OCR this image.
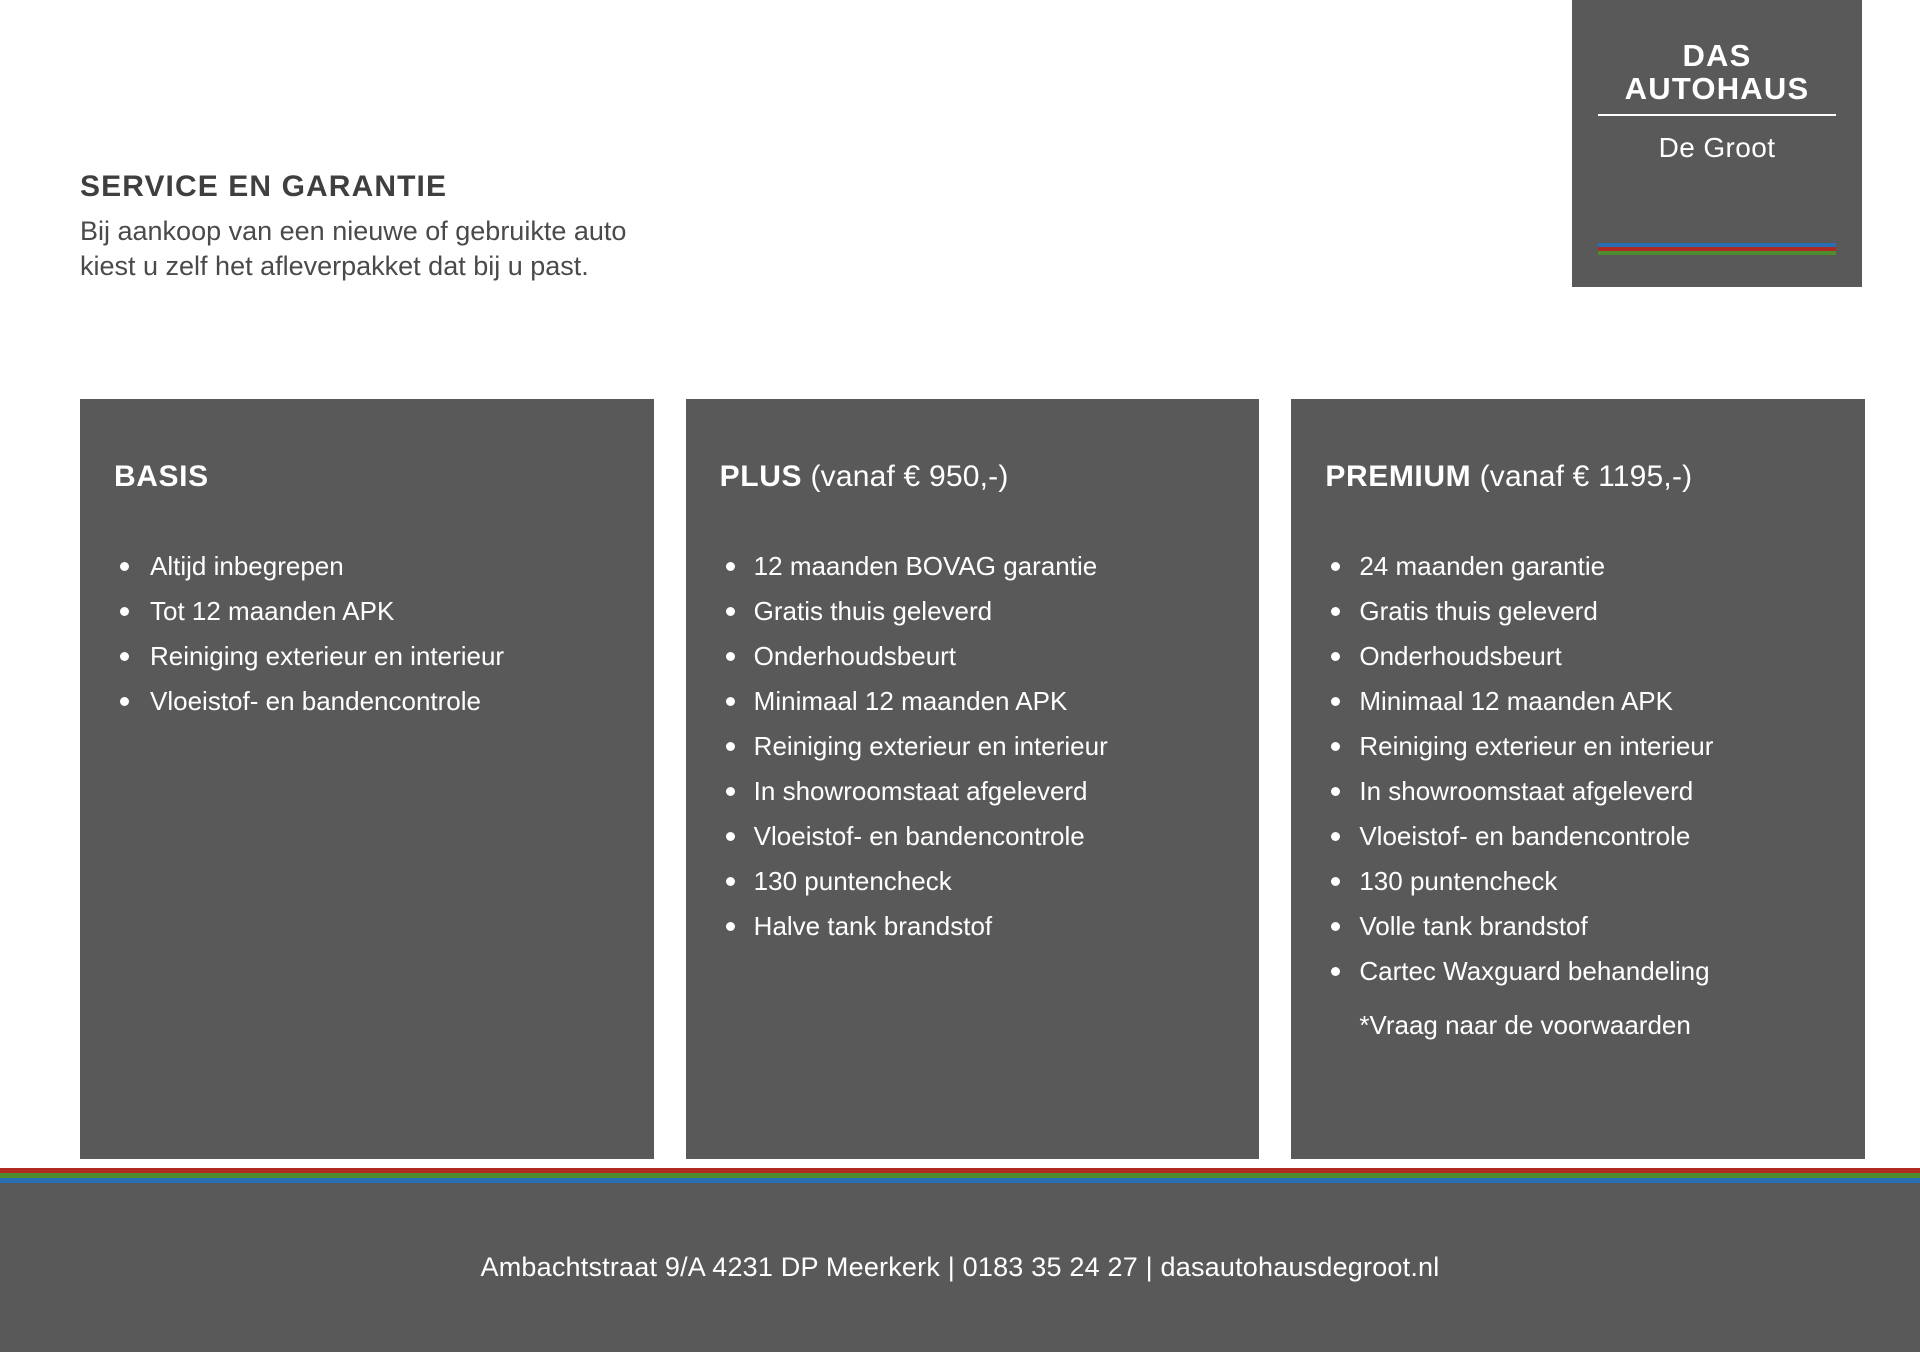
DAS AUTOHAUS
De Groot
SERVICE EN GARANTIE
Bij aankoop van een nieuwe of gebruikte auto
kiest u zelf het afleverpakket dat bij u past.
BASIS
Altijd inbegrepen
Tot 12 maanden APK
Reiniging exterieur en interieur
Vloeistof- en bandencontrole
PLUS (vanaf € 950,-)
12 maanden BOVAG garantie
Gratis thuis geleverd
Onderhoudsbeurt
Minimaal 12 maanden APK
Reiniging exterieur en interieur
In showroomstaat afgeleverd
Vloeistof- en bandencontrole
130 puntencheck
Halve tank brandstof
PREMIUM (vanaf € 1195,-)
24 maanden garantie
Gratis thuis geleverd
Onderhoudsbeurt
Minimaal 12 maanden APK
Reiniging exterieur en interieur
In showroomstaat afgeleverd
Vloeistof- en bandencontrole
130 puntencheck
Volle tank brandstof
Cartec Waxguard behandeling
*Vraag naar de voorwaarden
Ambachtstraat 9/A 4231 DP Meerkerk | 0183 35 24 27 | dasautohausdegroot.nl
